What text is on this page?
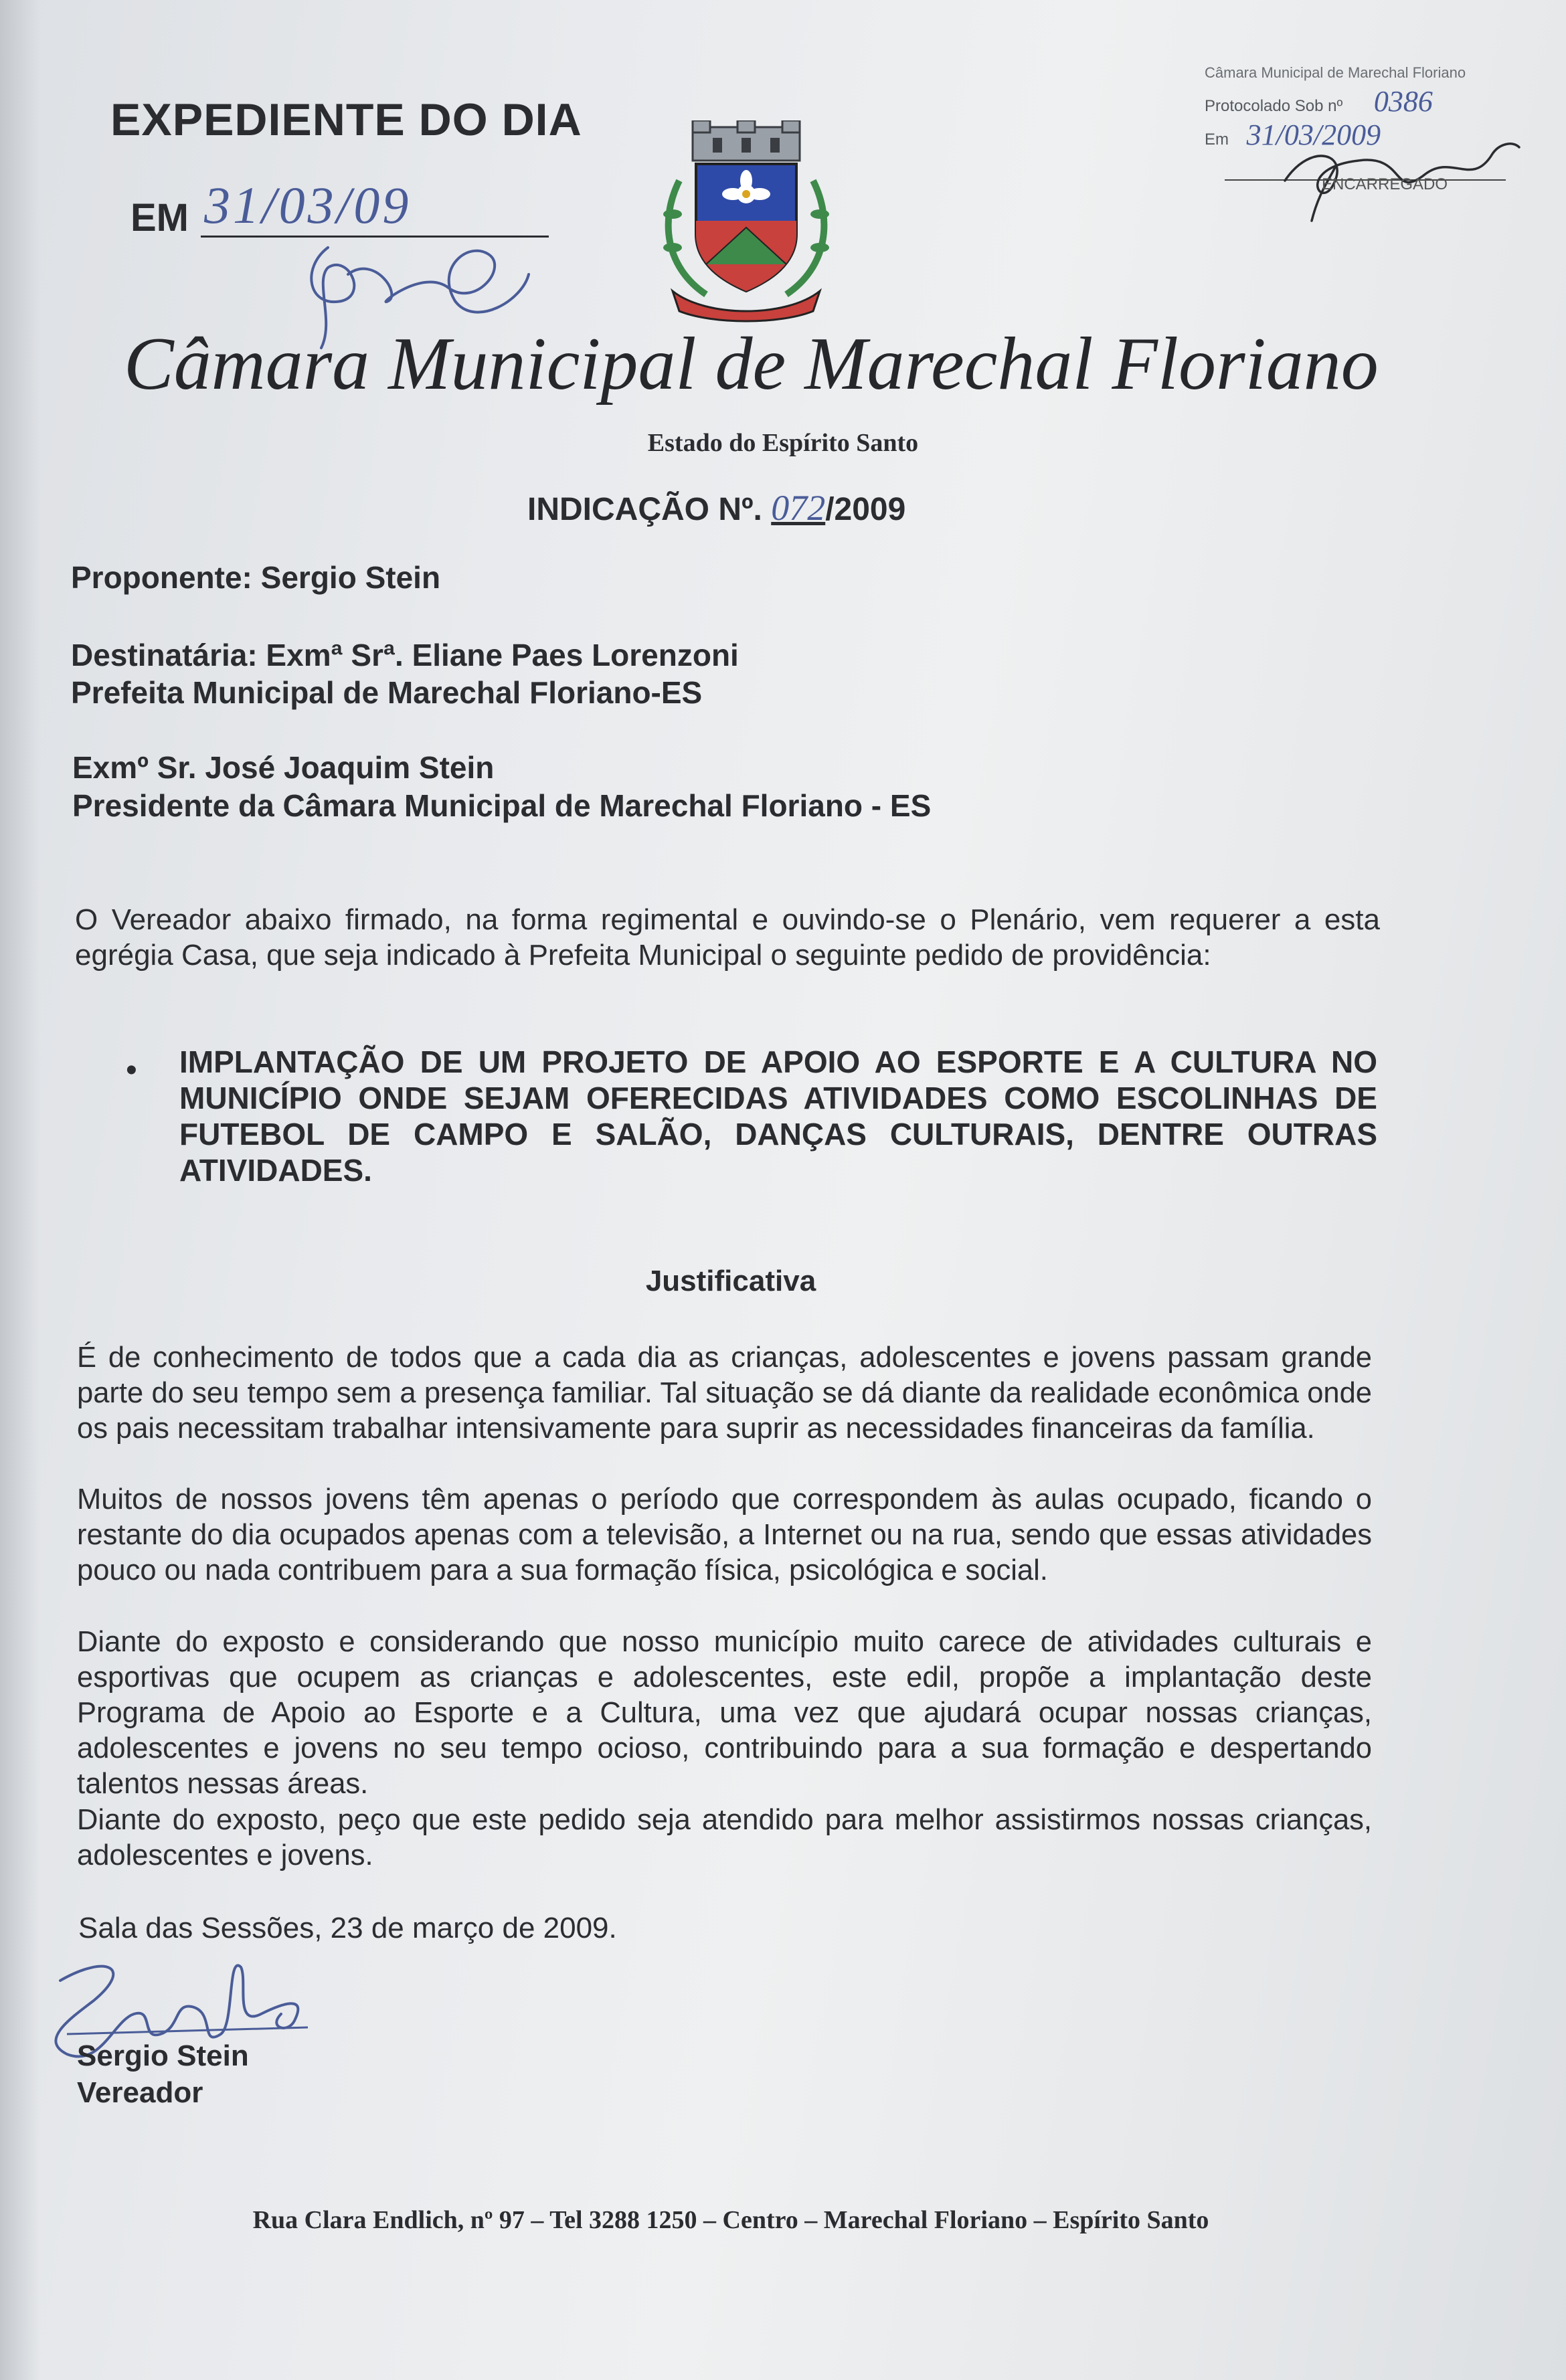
EXPEDIENTE DO DIA
EM 31/03/09
Câmara Municipal de Marechal Floriano
Protocolado Sob nº 0386
Em 31/03/2009
ENCARREGADO
Câmara Municipal de Marechal Floriano
Estado do Espírito Santo
INDICAÇÃO Nº. 072/2009
Proponente: Sergio Stein
Destinatária: Exmª Srª. Eliane Paes Lorenzoni
Prefeita Municipal de Marechal Floriano-ES
Exmº Sr. José Joaquim Stein
Presidente da Câmara Municipal de Marechal Floriano - ES
O Vereador abaixo firmado, na forma regimental e ouvindo-se o Plenário, vem requerer a esta egrégia Casa, que seja indicado à Prefeita Municipal o seguinte pedido de providência:
• IMPLANTAÇÃO DE UM PROJETO DE APOIO AO ESPORTE E A CULTURA NO MUNICÍPIO ONDE SEJAM OFERECIDAS ATIVIDADES COMO ESCOLINHAS DE FUTEBOL DE CAMPO E SALÃO, DANÇAS CULTURAIS, DENTRE OUTRAS ATIVIDADES.
Justificativa
É de conhecimento de todos que a cada dia as crianças, adolescentes e jovens passam grande parte do seu tempo sem a presença familiar. Tal situação se dá diante da realidade econômica onde os pais necessitam trabalhar intensivamente para suprir as necessidades financeiras da família.
Muitos de nossos jovens têm apenas o período que correspondem às aulas ocupado, ficando o restante do dia ocupados apenas com a televisão, a Internet ou na rua, sendo que essas atividades pouco ou nada contribuem para a sua formação física, psicológica e social.
Diante do exposto e considerando que nosso município muito carece de atividades culturais e esportivas que ocupem as crianças e adolescentes, este edil, propõe a implantação deste Programa de Apoio ao Esporte e a Cultura, uma vez que ajudará ocupar nossas crianças, adolescentes e jovens no seu tempo ocioso, contribuindo para a sua formação e despertando talentos nessas áreas.
Diante do exposto, peço que este pedido seja atendido para melhor assistirmos nossas crianças, adolescentes e jovens.
Sala das Sessões, 23 de março de 2009.
Sergio Stein
Vereador
Rua Clara Endlich, nº 97 – Tel 3288 1250 – Centro – Marechal Floriano – Espírito Santo
